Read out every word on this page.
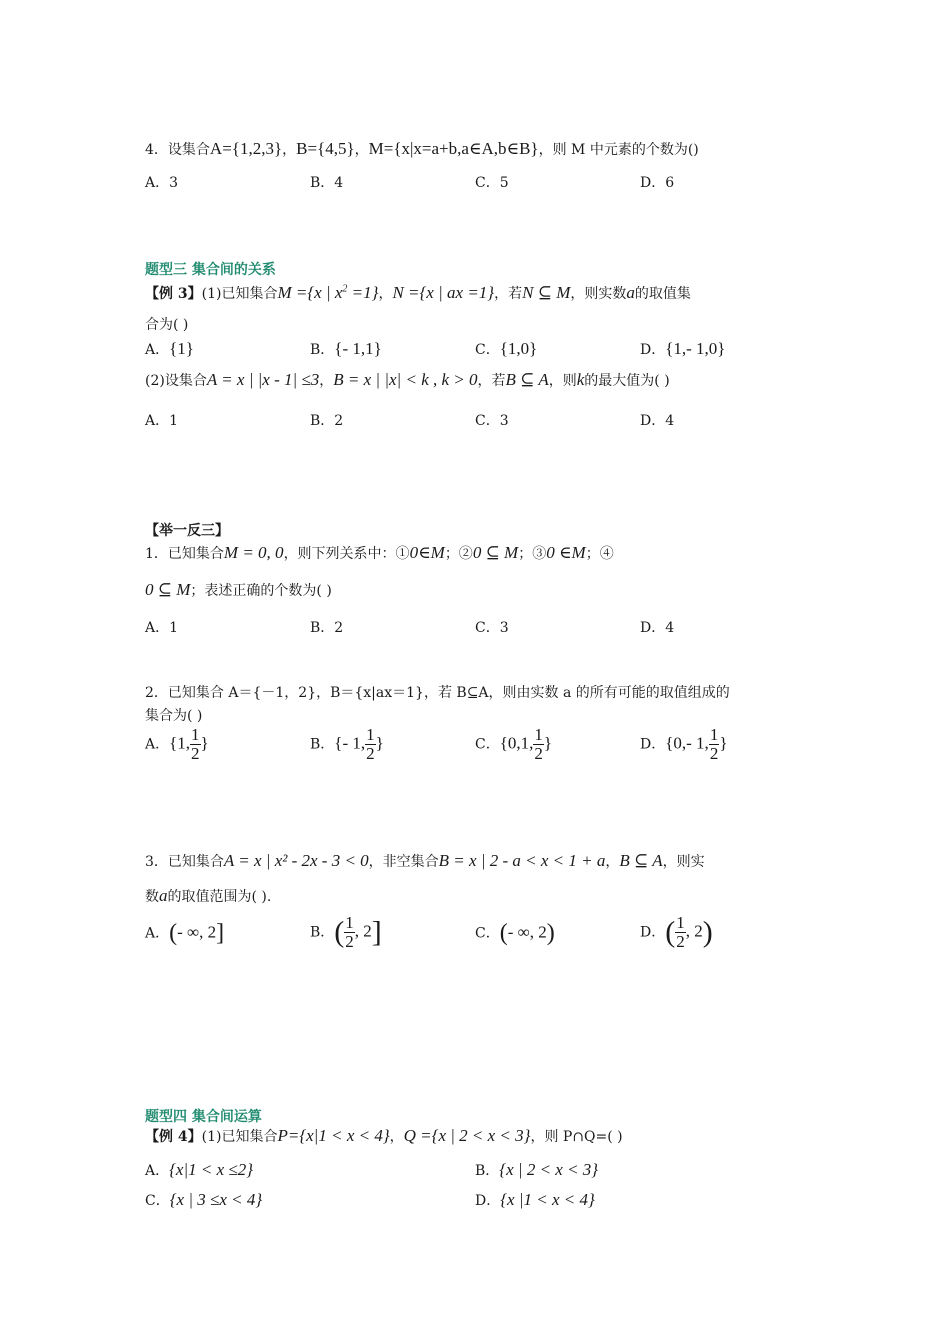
4．设集合A={1,2,3}，B={4,5}，M={x|x=a+b,a∈A,b∈B}，则 M 中元素的个数为()
A．3	B．4	C．5	D．6
题型三 集合间的关系
【例 3】(1)已知集合M ={x | $x^2 =1$}，N ={x | ax =1}，若N ⊆ M，则实数a的取值集
合为( )
A．{1}	B．{- 1,1}	C．{1,0}	D．{1,- 1,0}
(2)设集合A = x | |x - 1| ≤3，B = x | |x| < k , k > 0，若B ⊆ A，则k的最大值为( )
A．1	B．2	C．3	D．4
【举一反三】
1．已知集合M = 0, 0，则下列关系中：①0∈M；②0 ⊆ M；③0 ∈M；④
0 ⊆ M；表述正确的个数为( )
A．1	B．2	C．3	D．4
2．已知集合 A＝{－1，2}，B＝{x|ax＝1}，若 B⊆A，则由实数 a 的所有可能的取值组成的
集合为( )
A．{1, $\frac{1}{2}$ }	B．{- 1, $\frac{1}{2}$ }	C．{0,1, $\frac{1}{2}$ }	D．{0,- 1, $\frac{1}{2}$ }
3．已知集合A = x | x² - 2x - 3 < 0，非空集合B = x | 2 - a < x < 1 + a，B ⊆ A，则实
数a的取值范围为( ).
A．(- ∞, 2]	B．( $\frac{1}{2}$ , 2]	C．(- ∞, 2)	D．( $\frac{1}{2}$ , 2)
题型四 集合间运算
【例 4】(1)已知集合P={x|1 < x < 4}，Q ={x | 2 < x < 3}，则 P∩Q=( )
A．{x|1 < x ≤2}	B．{x | 2 < x < 3}
C．{x | 3 ≤x < 4}	D．{x |1 < x < 4}
